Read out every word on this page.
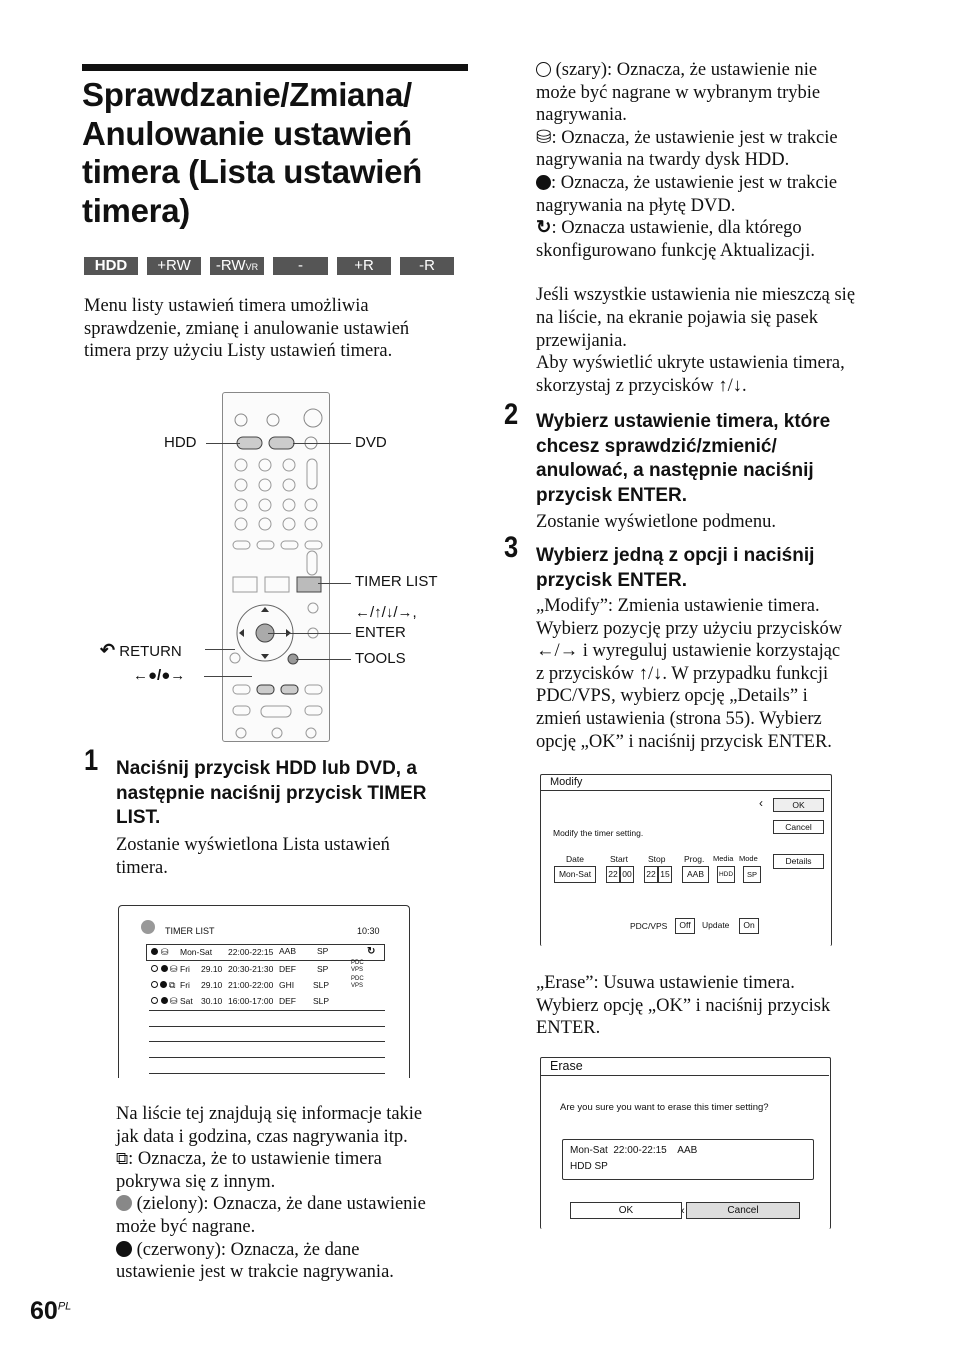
Sprawdzanie/Zmiana/
Anulowanie ustawień
timera (Lista ustawień
timera)
HDD	+RW	-RWVR	-RWVideo
+R	-R
Menu listy ustawień timera umożliwia
sprawdzenie, zmianę i anulowanie ustawień
timera przy użyciu Listy ustawień timera.
HDD	DVD
TIMER LIST
←/↑/↓/→,
ENTER
TOOLS
↶ RETURN
←●/●→
1 Naciśnij przycisk HDD lub DVD, a
następnie naciśnij przycisk TIMER
LIST.
Zostanie wyświetlona Lista ustawień
timera.
TIMER LIST	10:30
⛁ Mon-Sat 22:00-22:15 AAB SP	↻
⛁ Fri 29.10 20:30-21:30 DEF SP
PDC VPS
⧉ Fri 29.10 21:00-22:00 GHI SLP
PDC VPS
⛁ Sat 30.10 16:00-17:00 DEF SLP
Na liście tej znajdują się informacje takie
jak data i godzina, czas nagrywania itp.
⧉: Oznacza, że to ustawienie timera
pokrywa się z innym.
(zielony): Oznacza, że dane ustawienie
może być nagrane.
(czerwony): Oznacza, że dane
ustawienie jest w trakcie nagrywania.
(szary): Oznacza, że ustawienie nie
może być nagrane w wybranym trybie
nagrywania.
⛁: Oznacza, że ustawienie jest w trakcie
nagrywania na twardy dysk HDD.
: Oznacza, że ustawienie jest w trakcie
nagrywania na płytę DVD.
↻: Oznacza ustawienie, dla którego
skonfigurowano funkcję Aktualizacji.
Jeśli wszystkie ustawienia nie mieszczą się
na liście, na ekranie pojawia się pasek
przewijania.
Aby wyświetlić ukryte ustawienia timera,
skorzystaj z przycisków ↑/↓.
2 Wybierz ustawienie timera, które
chcesz sprawdzić/zmienić/
anulować, a następnie naciśnij
przycisk ENTER.
Zostanie wyświetlone podmenu.
3 Wybierz jedną z opcji i naciśnij
przycisk ENTER.
„Modify”: Zmienia ustawienie timera.
Wybierz pozycję przy użyciu przycisków
←/→ i wyreguluj ustawienie korzystając
z przycisków ↑/↓. W przypadku funkcji
PDC/VPS, wybierz opcję „Details” i
zmień ustawienia (strona 55). Wybierz
opcję „OK” i naciśnij przycisk ENTER.
Modify
‹	OK
Cancel
Modify the timer setting.
Details
Date	Start Stop Prog. Media Mode
Mon-Sat	22 00 22 15	AAB	HDD	SP
PDC/VPS	Off	Update	On
„Erase”: Usuwa ustawienie timera.
Wybierz opcję „OK” i naciśnij przycisk
ENTER.
Erase
Are you sure you want to erase this timer setting?
Mon-Sat  22:00-22:15    AAB
HDD SP
OK	‹	Cancel
$60^{PL}$
